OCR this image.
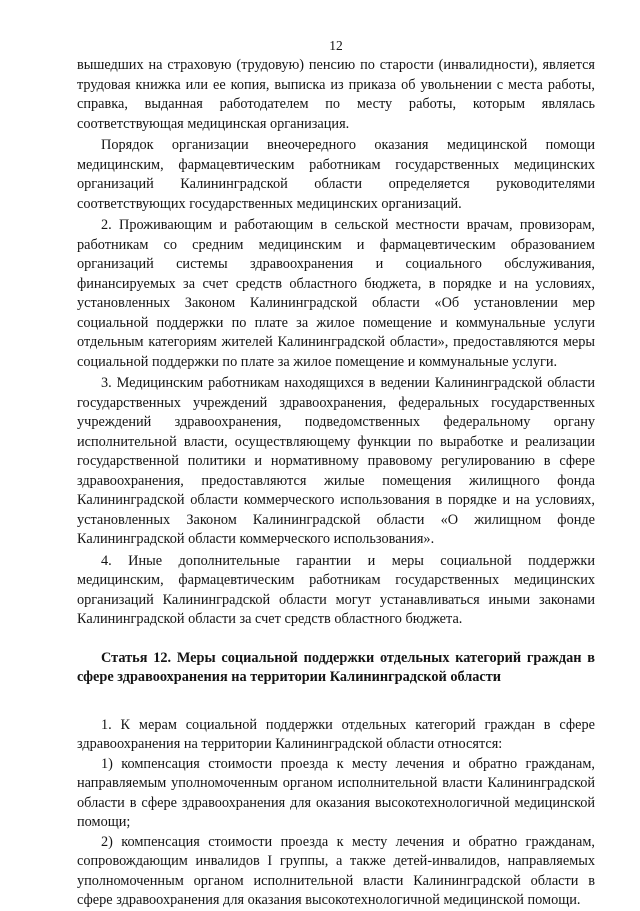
12

вышедших на страховую (трудовую) пенсию по старости (инвалидности), является трудовая книжка или ее копия, выписка из приказа об увольнении с места работы, справка, выданная работодателем по месту работы, которым являлась соответствующая медицинская организация.

Порядок организации внеочередного оказания медицинской помощи медицинским, фармацевтическим работникам государственных медицинских организаций Калининградской области определяется руководителями соответствующих государственных медицинских организаций.

2. Проживающим и работающим в сельской местности врачам, провизорам, работникам со средним медицинским и фармацевтическим образованием организаций системы здравоохранения и социального обслуживания, финансируемых за счет средств областного бюджета, в порядке и на условиях, установленных Законом Калининградской области «Об установлении мер социальной поддержки по плате за жилое помещение и коммунальные услуги отдельным категориям жителей Калининградской области», предоставляются меры социальной поддержки по плате за жилое помещение и коммунальные услуги.

3. Медицинским работникам находящихся в ведении Калининградской области государственных учреждений здравоохранения, федеральных государственных учреждений здравоохранения, подведомственных федеральному органу исполнительной власти, осуществляющему функции по выработке и реализации государственной политики и нормативному правовому регулированию в сфере здравоохранения, предоставляются жилые помещения жилищного фонда Калининградской области коммерческого использования в порядке и на условиях, установленных Законом Калининградской области «О жилищном фонде Калининградской области коммерческого использования».

4. Иные дополнительные гарантии и меры социальной поддержки медицинским, фармацевтическим работникам государственных медицинских организаций Калининградской области могут устанавливаться иными законами Калининградской области за счет средств областного бюджета.

Статья 12. Меры социальной поддержки отдельных категорий граждан в сфере здравоохранения на территории Калининградской области

1. К мерам социальной поддержки отдельных категорий граждан в сфере здравоохранения на территории Калининградской области относятся:

1) компенсация стоимости проезда к месту лечения и обратно гражданам, направляемым уполномоченным органом исполнительной власти Калининградской области в сфере здравоохранения для оказания высокотехнологичной медицинской помощи;

2) компенсация стоимости проезда к месту лечения и обратно гражданам, сопровождающим инвалидов I группы, а также детей-инвалидов, направляемых уполномоченным органом исполнительной власти Калининградской области в сфере здравоохранения для оказания высокотехнологичной медицинской помощи.
